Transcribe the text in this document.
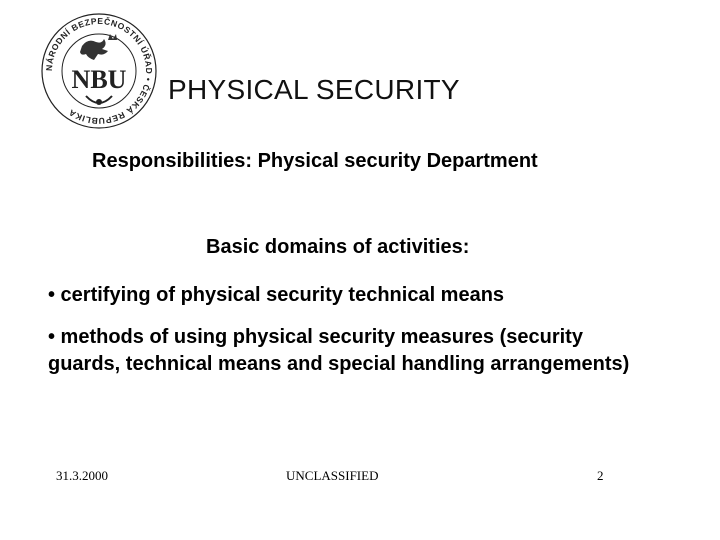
NÁRODNÍ BEZPEČNOSTNÍ ÚŘAD • ČESKÁ REPUBLIKA
NBU PHYSICAL SECURITY
Responsibilities: Physical security Department
Basic domains of activities:
• certifying of physical security technical means
• methods of using physical security measures (security guards, technical means and special handling arrangements)
31.3.2000	UNCLASSIFIED	2
